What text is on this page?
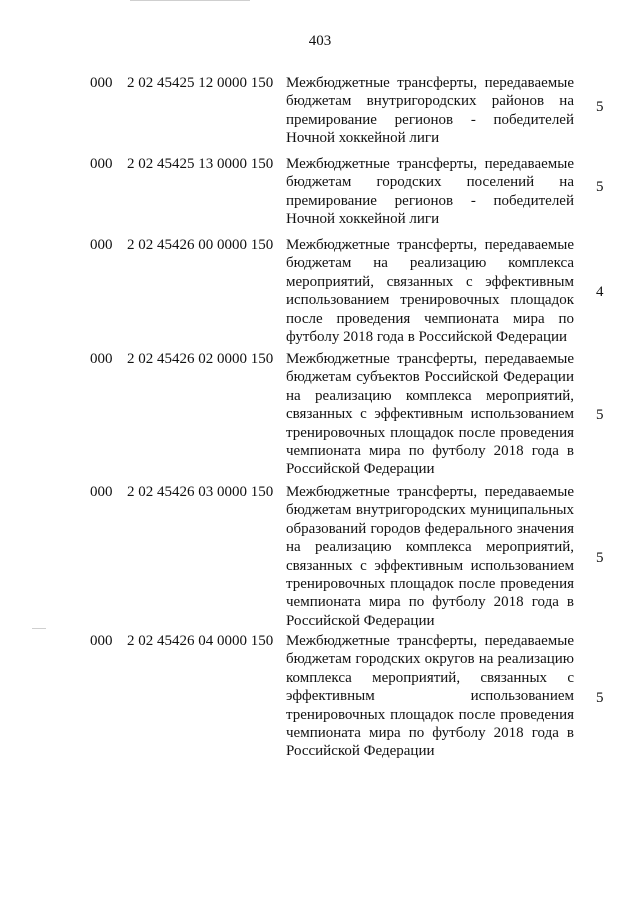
403
000 2 02 45425 12 0000 150 Межбюджетные трансферты, передаваемые

бюджетам внутригородских районов на

премирование регионов - победителей

Ночной хоккейной лиги

5
000 2 02 45425 13 0000 150 Межбюджетные трансферты, передаваемые

бюджетам городских поселений на

премирование регионов - победителей

Ночной хоккейной лиги

5
000 2 02 45426 00 0000 150 Межбюджетные трансферты, передаваемые

бюджетам на реализацию комплекса

мероприятий, связанных с эффективным

использованием тренировочных площадок

после проведения чемпионата мира по

футболу 2018 года в Российской Федерации

4
000 2 02 45426 02 0000 150 Межбюджетные трансферты, передаваемые

бюджетам субъектов Российской Федерации

на реализацию комплекса мероприятий,

связанных с эффективным использованием

тренировочных площадок после проведения

чемпионата мира по футболу 2018 года в

Российской Федерации

5
000 2 02 45426 03 0000 150 Межбюджетные трансферты, передаваемые

бюджетам внутригородских муниципальных

образований городов федерального значения

на реализацию комплекса мероприятий,

связанных с эффективным использованием

тренировочных площадок после проведения

чемпионата мира по футболу 2018 года в

Российской Федерации

5
000 2 02 45426 04 0000 150 Межбюджетные трансферты, передаваемые

бюджетам городских округов на реализацию

комплекса мероприятий, связанных с

эффективным использованием

тренировочных площадок после проведения

чемпионата мира по футболу 2018 года в

Российской Федерации

5
